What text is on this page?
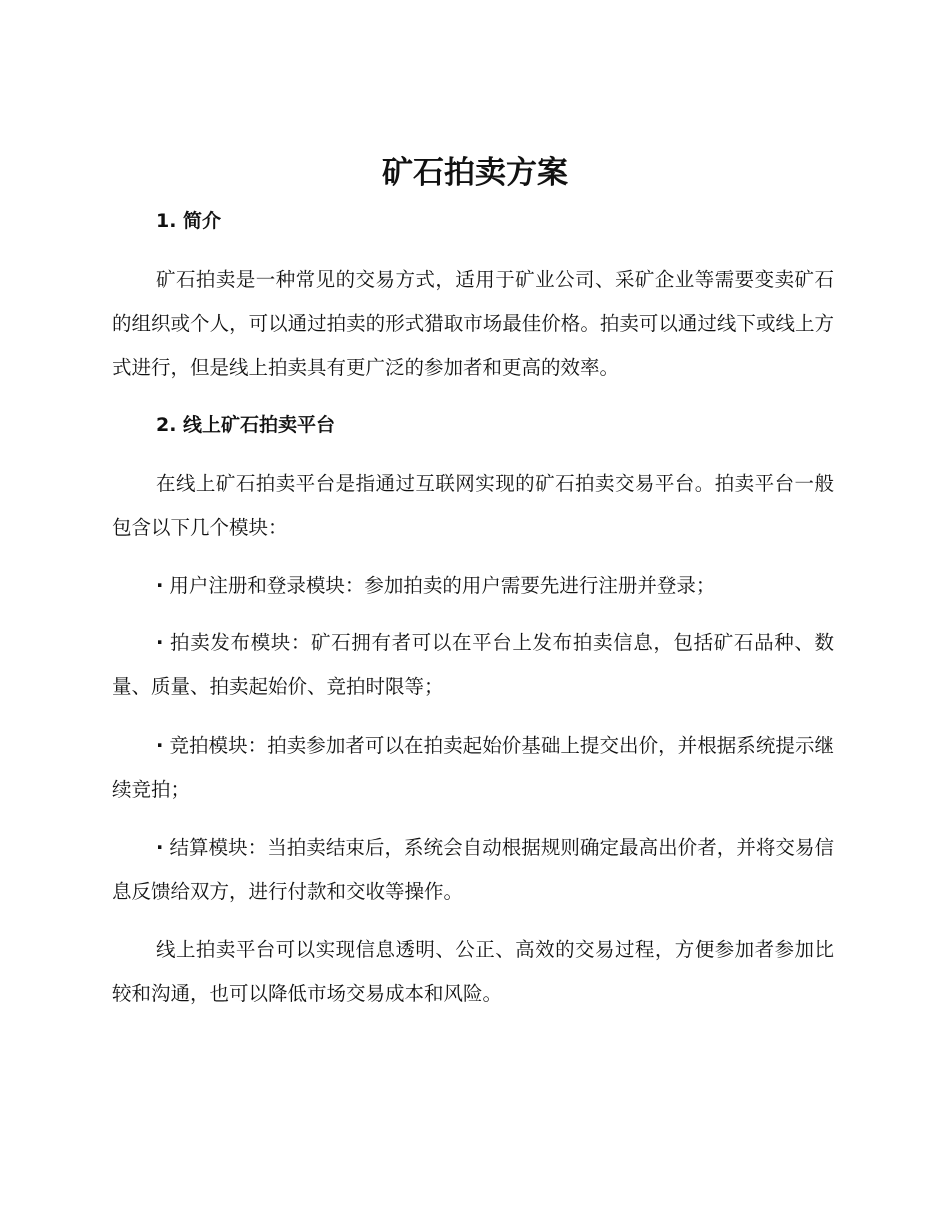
矿石拍卖方案
1. 简介

矿石拍卖是一种常见的交易方式，适用于矿业公司、采矿企业等需要变卖矿石的组织或个人，可以通过拍卖的形式猎取市场最佳价格。拍卖可以通过线下或线上方式进行，但是线上拍卖具有更广泛的参加者和更高的效率。

2. 线上矿石拍卖平台

在线上矿石拍卖平台是指通过互联网实现的矿石拍卖交易平台。拍卖平台一般包含以下几个模块：

· 用户注册和登录模块：参加拍卖的用户需要先进行注册并登录；

· 拍卖发布模块：矿石拥有者可以在平台上发布拍卖信息，包括矿石品种、数量、质量、拍卖起始价、竞拍时限等；

· 竞拍模块：拍卖参加者可以在拍卖起始价基础上提交出价，并根据系统提示继续竞拍；

· 结算模块：当拍卖结束后，系统会自动根据规则确定最高出价者，并将交易信息反馈给双方，进行付款和交收等操作。

线上拍卖平台可以实现信息透明、公正、高效的交易过程，方便参加者参加比较和沟通，也可以降低市场交易成本和风险。
